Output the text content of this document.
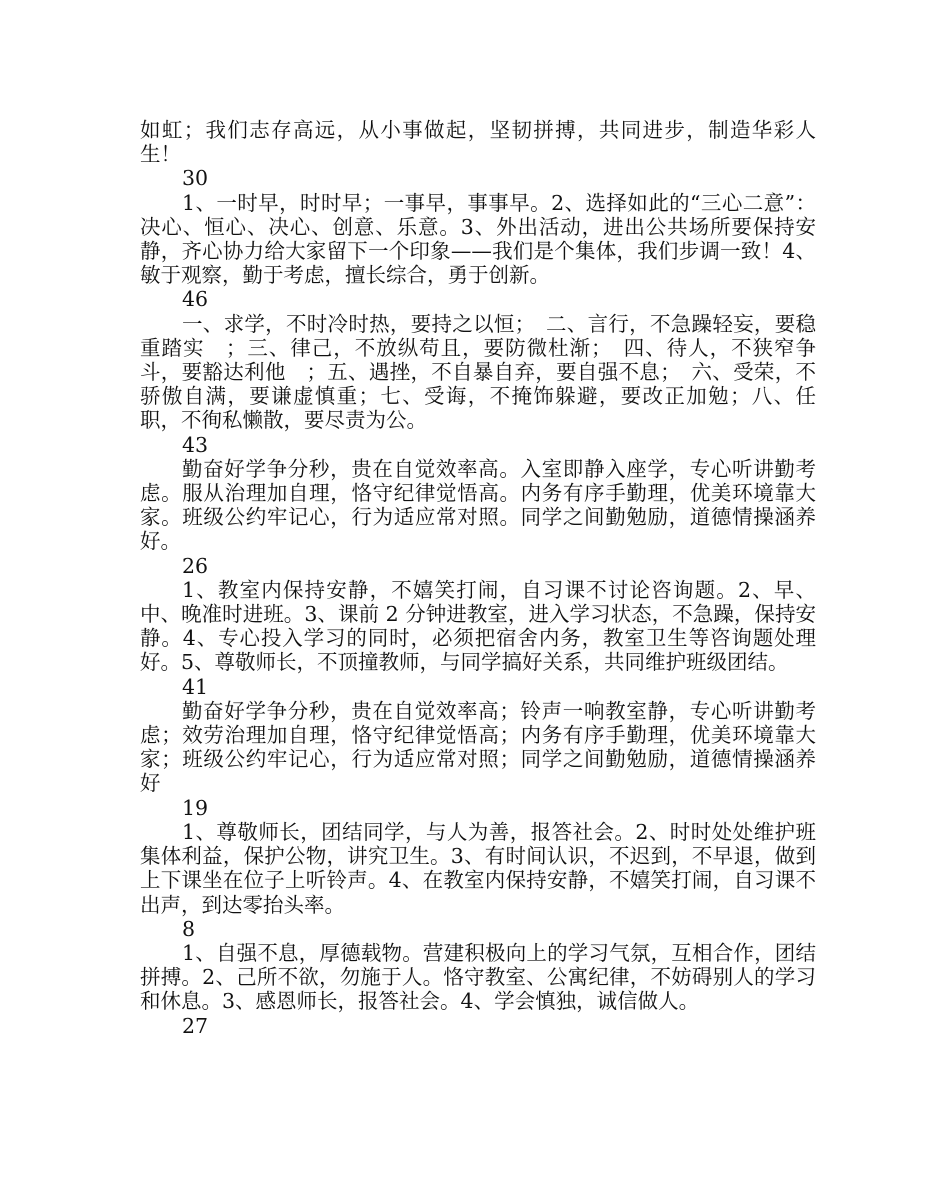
如虹；我们志存高远，从小事做起，坚韧拼搏，共同进步，制造华彩人生！

30

1、一时早，时时早；一事早，事事早。2、选择如此的“三心二意”：决心、恒心、决心、创意、乐意。3、外出活动，进出公共场所要保持安静，齐心协力给大家留下一个印象——我们是个集体，我们步调一致！4、敏于观察，勤于考虑，擅长综合，勇于创新。

46

一、求学，不时冷时热，要持之以恒；　二、言行，不急躁轻妄，要稳重踏实　；三、律己，不放纵苟且，要防微杜渐；　四、待人，不狭窄争斗，要豁达利他　；五、遇挫，不自暴自弃，要自强不息；　六、受荣，不骄傲自满，要谦虚慎重；七、受诲，不掩饰躲避，要改正加勉；八、任职，不徇私懒散，要尽责为公。

43

勤奋好学争分秒，贵在自觉效率高。入室即静入座学，专心听讲勤考虑。服从治理加自理，恪守纪律觉悟高。内务有序手勤理，优美环境靠大家。班级公约牢记心，行为适应常对照。同学之间勤勉励，道德情操涵养好。

26

1、教室内保持安静，不嬉笑打闹，自习课不讨论咨询题。2、早、中、晚准时进班。3、课前 2 分钟进教室，进入学习状态，不急躁，保持安静。4、专心投入学习的同时，必须把宿舍内务，教室卫生等咨询题处理好。5、尊敬师长，不顶撞教师，与同学搞好关系，共同维护班级团结。

41

勤奋好学争分秒，贵在自觉效率高；铃声一响教室静，专心听讲勤考虑；效劳治理加自理，恪守纪律觉悟高；内务有序手勤理，优美环境靠大家；班级公约牢记心，行为适应常对照；同学之间勤勉励，道德情操涵养好

19

1、尊敬师长，团结同学，与人为善，报答社会。2、时时处处维护班集体利益，保护公物，讲究卫生。3、有时间认识，不迟到，不早退，做到上下课坐在位子上听铃声。4、在教室内保持安静，不嬉笑打闹，自习课不出声，到达零抬头率。

8

1、自强不息，厚德载物。营建积极向上的学习气氛，互相合作，团结拼搏。2、己所不欲，勿施于人。恪守教室、公寓纪律，不妨碍别人的学习和休息。3、感恩师长，报答社会。4、学会慎独，诚信做人。

27
